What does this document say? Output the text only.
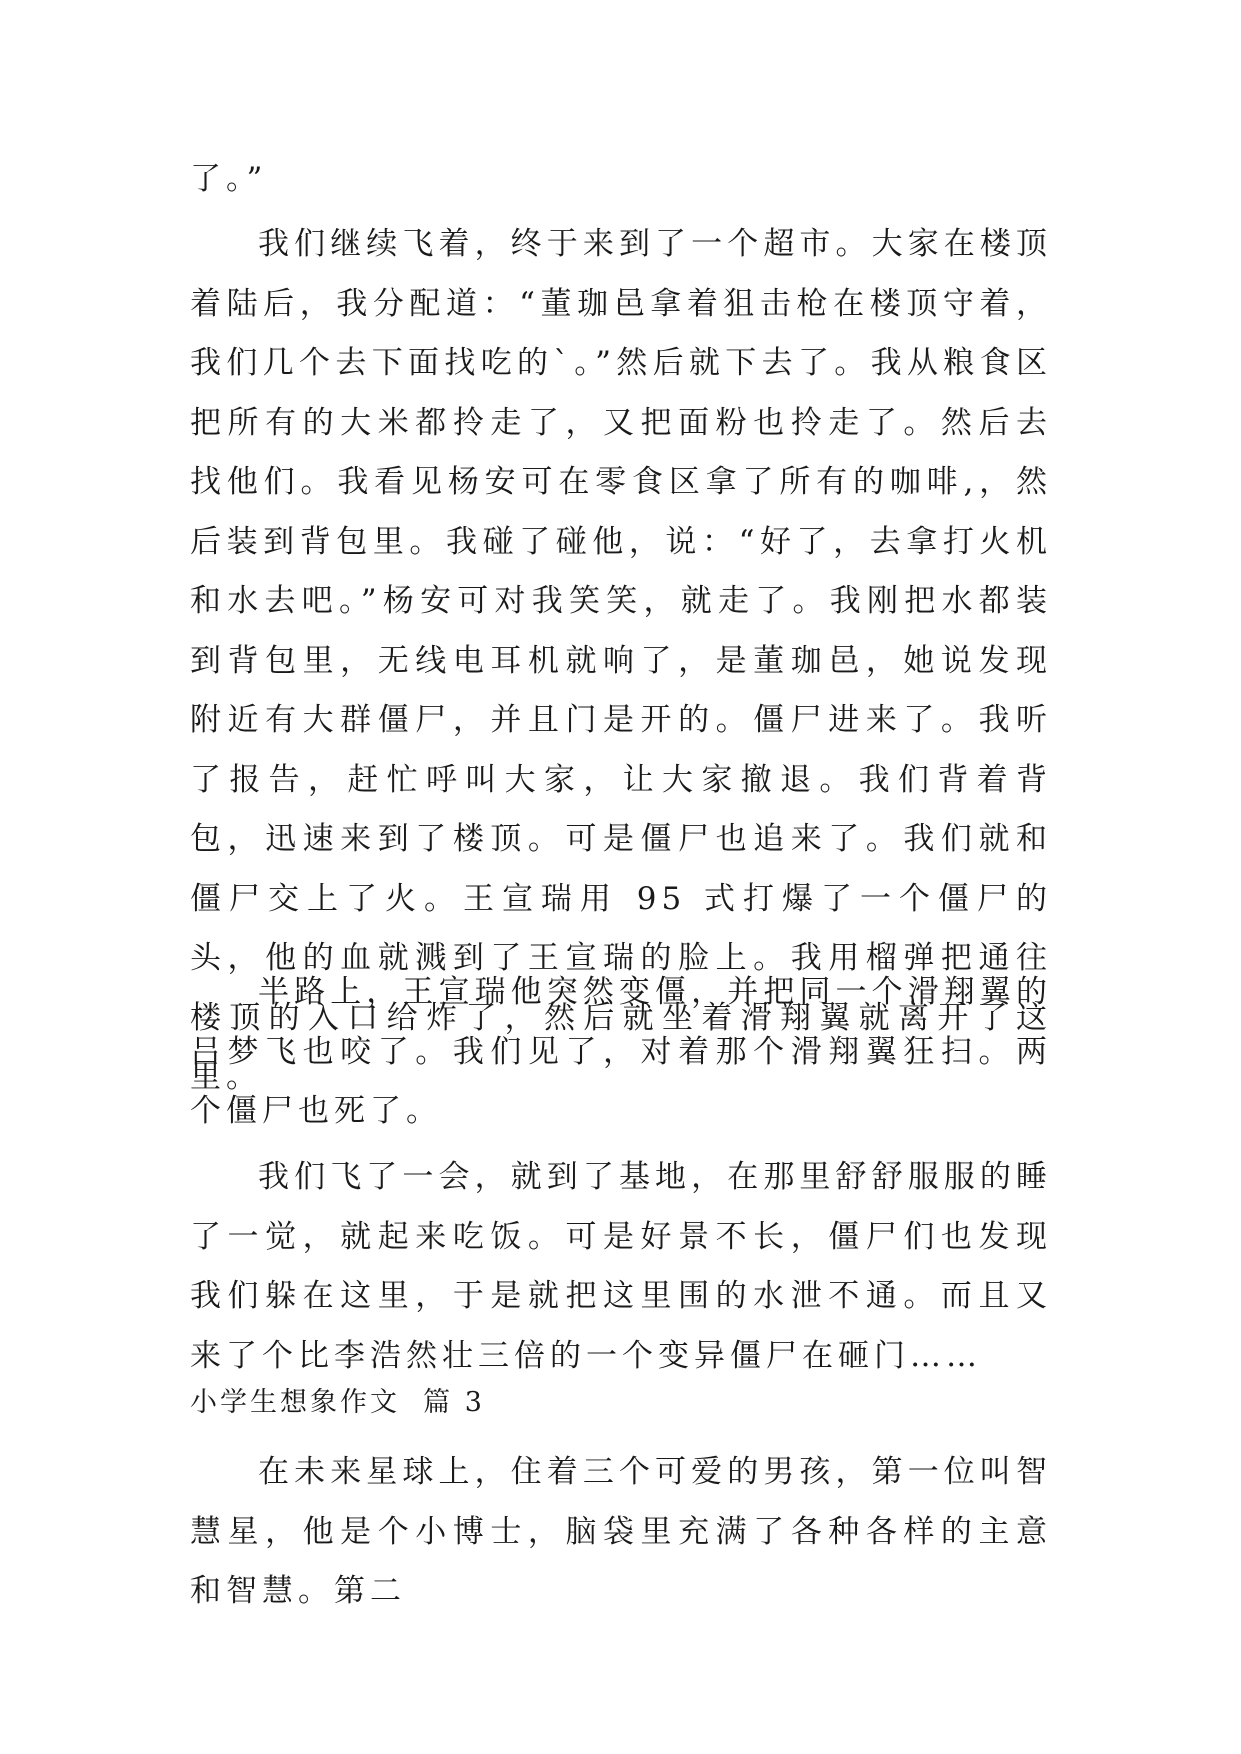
了。”

我们继续飞着，终于来到了一个超市。大家在楼顶着陆后，我分配道：“董珈邑拿着狙击枪在楼顶守着，我们几个去下面找吃的`。”然后就下去了。我从粮食区把所有的大米都拎走了，又把面粉也拎走了。然后去找他们。我看见杨安可在零食区拿了所有的咖啡,，然后装到背包里。我碰了碰他，说：“好了，去拿打火机和水去吧。”杨安可对我笑笑，就走了。我刚把水都装到背包里，无线电耳机就响了，是董珈邑，她说发现附近有大群僵尸，并且门是开的。僵尸进来了。我听了报告，赶忙呼叫大家，让大家撤退。我们背着背包，迅速来到了楼顶。可是僵尸也追来了。我们就和僵尸交上了火。王宣瑞用 95 式打爆了一个僵尸的头，他的血就溅到了王宣瑞的脸上。我用榴弹把通往楼顶的入口给炸了，然后就坐着滑翔翼就离开了这里。

半路上，王宣瑞他突然变僵，并把同一个滑翔翼的吕梦飞也咬了。我们见了，对着那个滑翔翼狂扫。两个僵尸也死了。

我们飞了一会，就到了基地，在那里舒舒服服的睡了一觉，就起来吃饭。可是好景不长，僵尸们也发现我们躲在这里，于是就把这里围的水泄不通。而且又来了个比李浩然壮三倍的一个变异僵尸在砸门……

小学生想象作文  篇 3

在未来星球上，住着三个可爱的男孩，第一位叫智慧星，他是个小博士，脑袋里充满了各种各样的主意和智慧。第二
